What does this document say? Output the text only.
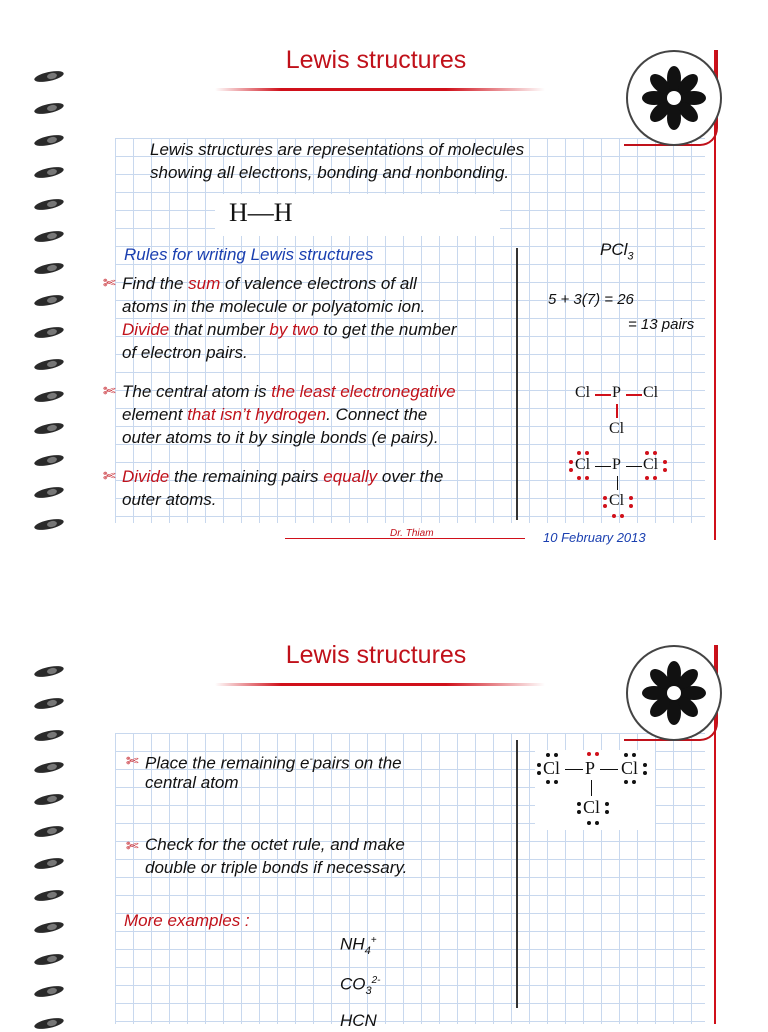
Lewis structures
Lewis structures are representations of molecules
showing all electrons, bonding and nonbonding.
H—H
Rules for writing Lewis structures
✄ Find the sum of valence electrons of all
atoms in the molecule or polyatomic ion.
Divide that number by two to get the number
of electron pairs.
✄ The central atom is the least electronegative
element that isn’t hydrogen. Connect the
outer atoms to it by single bonds (e pairs).
✄ Divide the remaining pairs equally over the
outer atoms.
PCl$_3$
5 + 3(7) = 26
= 13 pairs
Cl P Cl
Cl
Cl P Cl
Cl
Dr. Thiam	10 February 2013
Lewis structures
✄ Place the remaining e-pairs on the
central atom
✄ Check for the octet rule, and make
double or triple bonds if necessary.
More examples :
$NH_4^+$
$CO_3^{2-}$
HCN
Cl P Cl
Cl
